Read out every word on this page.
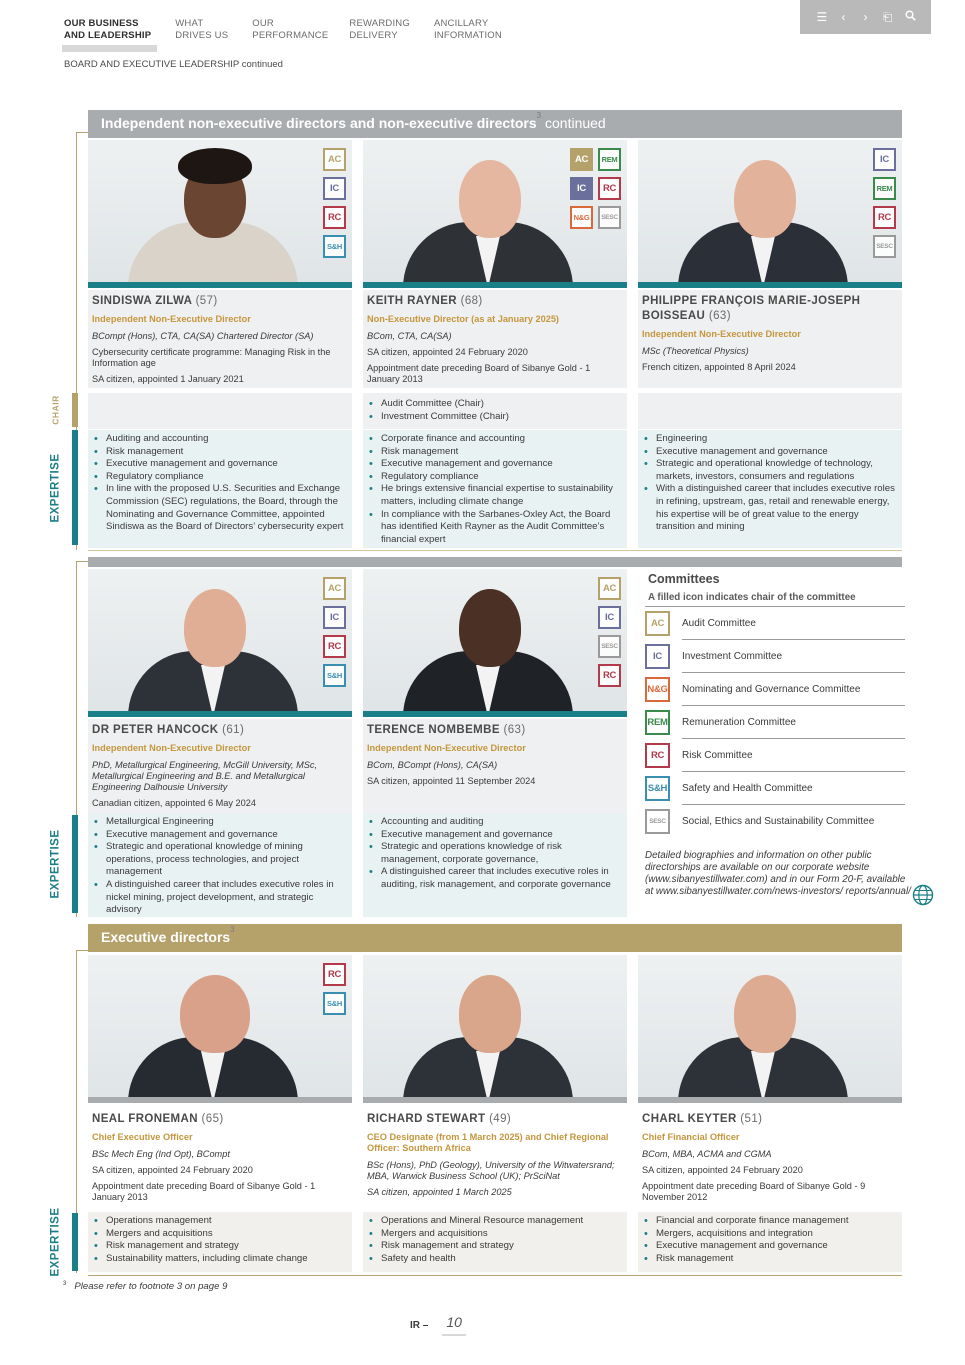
OUR BUSINESS
AND LEADERSHIP
WHAT
DRIVES US
OUR
PERFORMANCE
REWARDING
DELIVERY
ANCILLARY
INFORMATION
☰ ‹ › ⎗
BOARD AND EXECUTIVE LEADERSHIP continued
Independent non-executive directors and non-executive directors$^3$ continued
CHAIR
EXPERTISE
EXPERTISE
EXPERTISE
AC
IC
RC
S&H
AC	REM
IC	RC
N&G	SESC
IC
REM
RC
SESC
SINDISWA ZILWA (57)
Independent Non-Executive Director
BCompt (Hons), CTA, CA(SA) Chartered Director (SA)
Cybersecurity certificate programme: Managing Risk in the Information age
SA citizen, appointed 1 January 2021
KEITH RAYNER (68)
Non-Executive Director (as at January 2025)
BCom, CTA, CA(SA)
SA citizen, appointed 24 February 2020
Appointment date preceding Board of Sibanye Gold - 1 January 2013
PHILIPPE FRANÇOIS MARIE-JOSEPH BOISSEAU (63)
Independent Non-Executive Director
MSc (Theoretical Physics)
French citizen, appointed 8 April 2024
• Audit Committee (Chair)
• Investment Committee (Chair)
• Auditing and accounting
• Risk management
• Executive management and governance
• Regulatory compliance
• In line with the proposed U.S. Securities and Exchange Commission (SEC) regulations, the Board, through the Nominating and Governance Committee, appointed Sindiswa as the Board of Directors’ cybersecurity expert
• Corporate finance and accounting
• Risk management
• Executive management and governance
• Regulatory compliance
• He brings extensive financial expertise to sustainability matters, including climate change
• In compliance with the Sarbanes-Oxley Act, the Board has identified Keith Rayner as the Audit Committee’s financial expert
• Engineering
• Executive management and governance
• Strategic and operational knowledge of technology, markets, investors, consumers and regulations
• With a distinguished career that includes executive roles in refining, upstream, gas, retail and renewable energy, his expertise will be of great value to the energy transition and mining
AC
IC
RC
S&H
AC
IC
SESC
RC
DR PETER HANCOCK (61)
Independent Non-Executive Director
PhD, Metallurgical Engineering, McGill University, MSc, Metallurgical Engineering and B.E. and Metallurgical Engineering Dalhousie University
Canadian citizen, appointed 6 May 2024
TERENCE NOMBEMBE (63)
Independent Non-Executive Director
BCom, BCompt (Hons), CA(SA)
SA citizen, appointed 11 September 2024
• Metallurgical Engineering
• Executive management and governance
• Strategic and operational knowledge of mining operations, process technologies, and project management
• A distinguished career that includes executive roles in nickel mining, project development, and strategic advisory
• Accounting and auditing
• Executive management and governance
• Strategic and operations knowledge of risk management, corporate governance,
• A distinguished career that includes executive roles in auditing, risk management, and corporate governance
Committees
A filled icon indicates chair of the committee
AC	Audit Committee
IC	Investment Committee
N&G Nominating and Governance Committee
REM Remuneration Committee
RC	Risk Committee
S&H Safety and Health Committee
SESC	Social, Ethics and Sustainability Committee
Detailed biographies and information on other public directorships are available on our corporate website (www.sibanyestillwater.com) and in our Form 20-F, available at www.sibanyestillwater.com/news-investors/ reports/annual/
Executive directors$^3$
RC
S&H
NEAL FRONEMAN (65)
Chief Executive Officer
BSc Mech Eng (Ind Opt), BCompt
SA citizen, appointed 24 February 2020
Appointment date preceding Board of Sibanye Gold - 1 January 2013
RICHARD STEWART (49)
CEO Designate (from 1 March 2025) and Chief Regional Officer: Southern Africa
BSc (Hons), PhD (Geology), University of the Witwatersrand; MBA, Warwick Business School (UK); PrSciNat
SA citizen, appointed 1 March 2025
CHARL KEYTER (51)
Chief Financial Officer
BCom, MBA, ACMA and CGMA
SA citizen, appointed 24 February 2020
Appointment date preceding Board of Sibanye Gold - 9 November 2012
• Operations management
• Mergers and acquisitions
• Risk management and strategy
• Sustainability matters, including climate change
• Operations and Mineral Resource management
• Mergers and acquisitions
• Risk management and strategy
• Safety and health
• Financial and corporate finance management
• Mergers, acquisitions and integration
• Executive management and governance
• Risk management
$^3$ Please refer to footnote 3 on page 9
IR – 10
